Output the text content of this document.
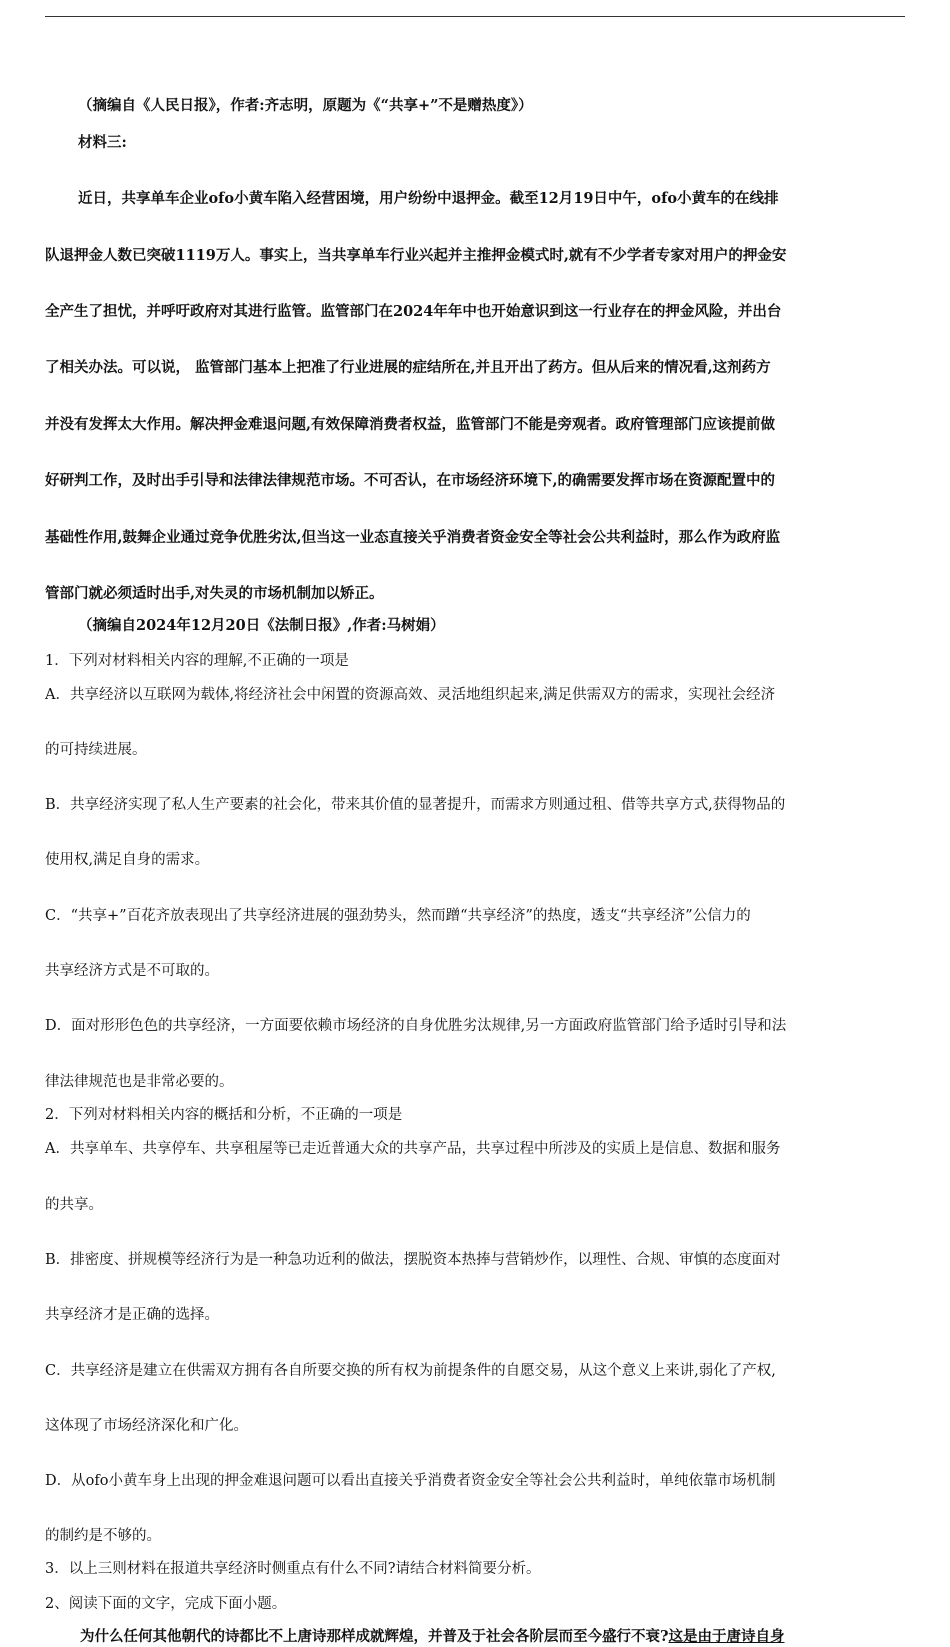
（摘编自《人民日报》，作者:齐志明，原题为《“共享+”不是赠热度》）

材料三:

近日，共享单车企业ofo小黄车陷入经营困境，用户纷纷中退押金。截至12月19日中午，ofo小黄车的在线排

队退押金人数已突破1119万人。事实上，当共享单车行业兴起并主推押金模式时,就有不少学者专家对用户的押金安

全产生了担忧，并呼吁政府对其进行监管。监管部门在2024年年中也开始意识到这一行业存在的押金风险，并出台

了相关办法。可以说， 监管部门基本上把准了行业进展的症结所在,并且开出了药方。但从后来的情况看,这剂药方

并没有发挥太大作用。解决押金难退问题,有效保障消费者权益，监管部门不能是旁观者。政府管理部门应该提前做

好研判工作，及时出手引导和法律法律规范市场。不可否认，在市场经济环境下,的确需要发挥市场在资源配置中的

基础性作用,鼓舞企业通过竞争优胜劣汰,但当这一业态直接关乎消费者资金安全等社会公共利益时，那么作为政府监

管部门就必须适时出手,对失灵的市场机制加以矫正。

（摘编自2024年12月20日《法制日报》,作者:马树娟）

1．下列对材料相关内容的理解,不正确的一项是

A．共享经济以互联网为载体,将经济社会中闲置的资源高效、灵活地组织起来,满足供需双方的需求，实现社会经济

的可持续进展。

B．共享经济实现了私人生产要素的社会化，带来其价值的显著提升，而需求方则通过租、借等共享方式,获得物品的

使用权,满足自身的需求。

C．“共享+”百花齐放表现出了共享经济进展的强劲势头，然而蹭“共享经济”的热度，透支“共享经济”公信力的

共享经济方式是不可取的。

D．面对形形色色的共享经济，一方面要依赖市场经济的自身优胜劣汰规律,另一方面政府监管部门给予适时引导和法

律法律规范也是非常必要的。

2．下列对材料相关内容的概括和分析，不正确的一项是

A．共享单车、共享停车、共享租屋等已走近普通大众的共享产品，共享过程中所涉及的实质上是信息、数据和服务

的共享。

B．排密度、拼规模等经济行为是一种急功近利的做法，摆脱资本热捧与营销炒作，以理性、合规、审慎的态度面对

共享经济才是正确的选择。

C．共享经济是建立在供需双方拥有各自所要交换的所有权为前提条件的自愿交易，从这个意义上来讲,弱化了产权,

这体现了市场经济深化和广化。

D．从ofo小黄车身上出现的押金难退问题可以看出直接关乎消费者资金安全等社会公共利益时，单纯依靠市场机制

的制约是不够的。

3．以上三则材料在报道共享经济时侧重点有什么不同?请结合材料简要分析。

2、阅读下面的文字，完成下面小题。

为什么任何其他朝代的诗都比不上唐诗那样成就辉煌，并普及于社会各阶层而至今盛行不衰?这是由于唐诗自身
